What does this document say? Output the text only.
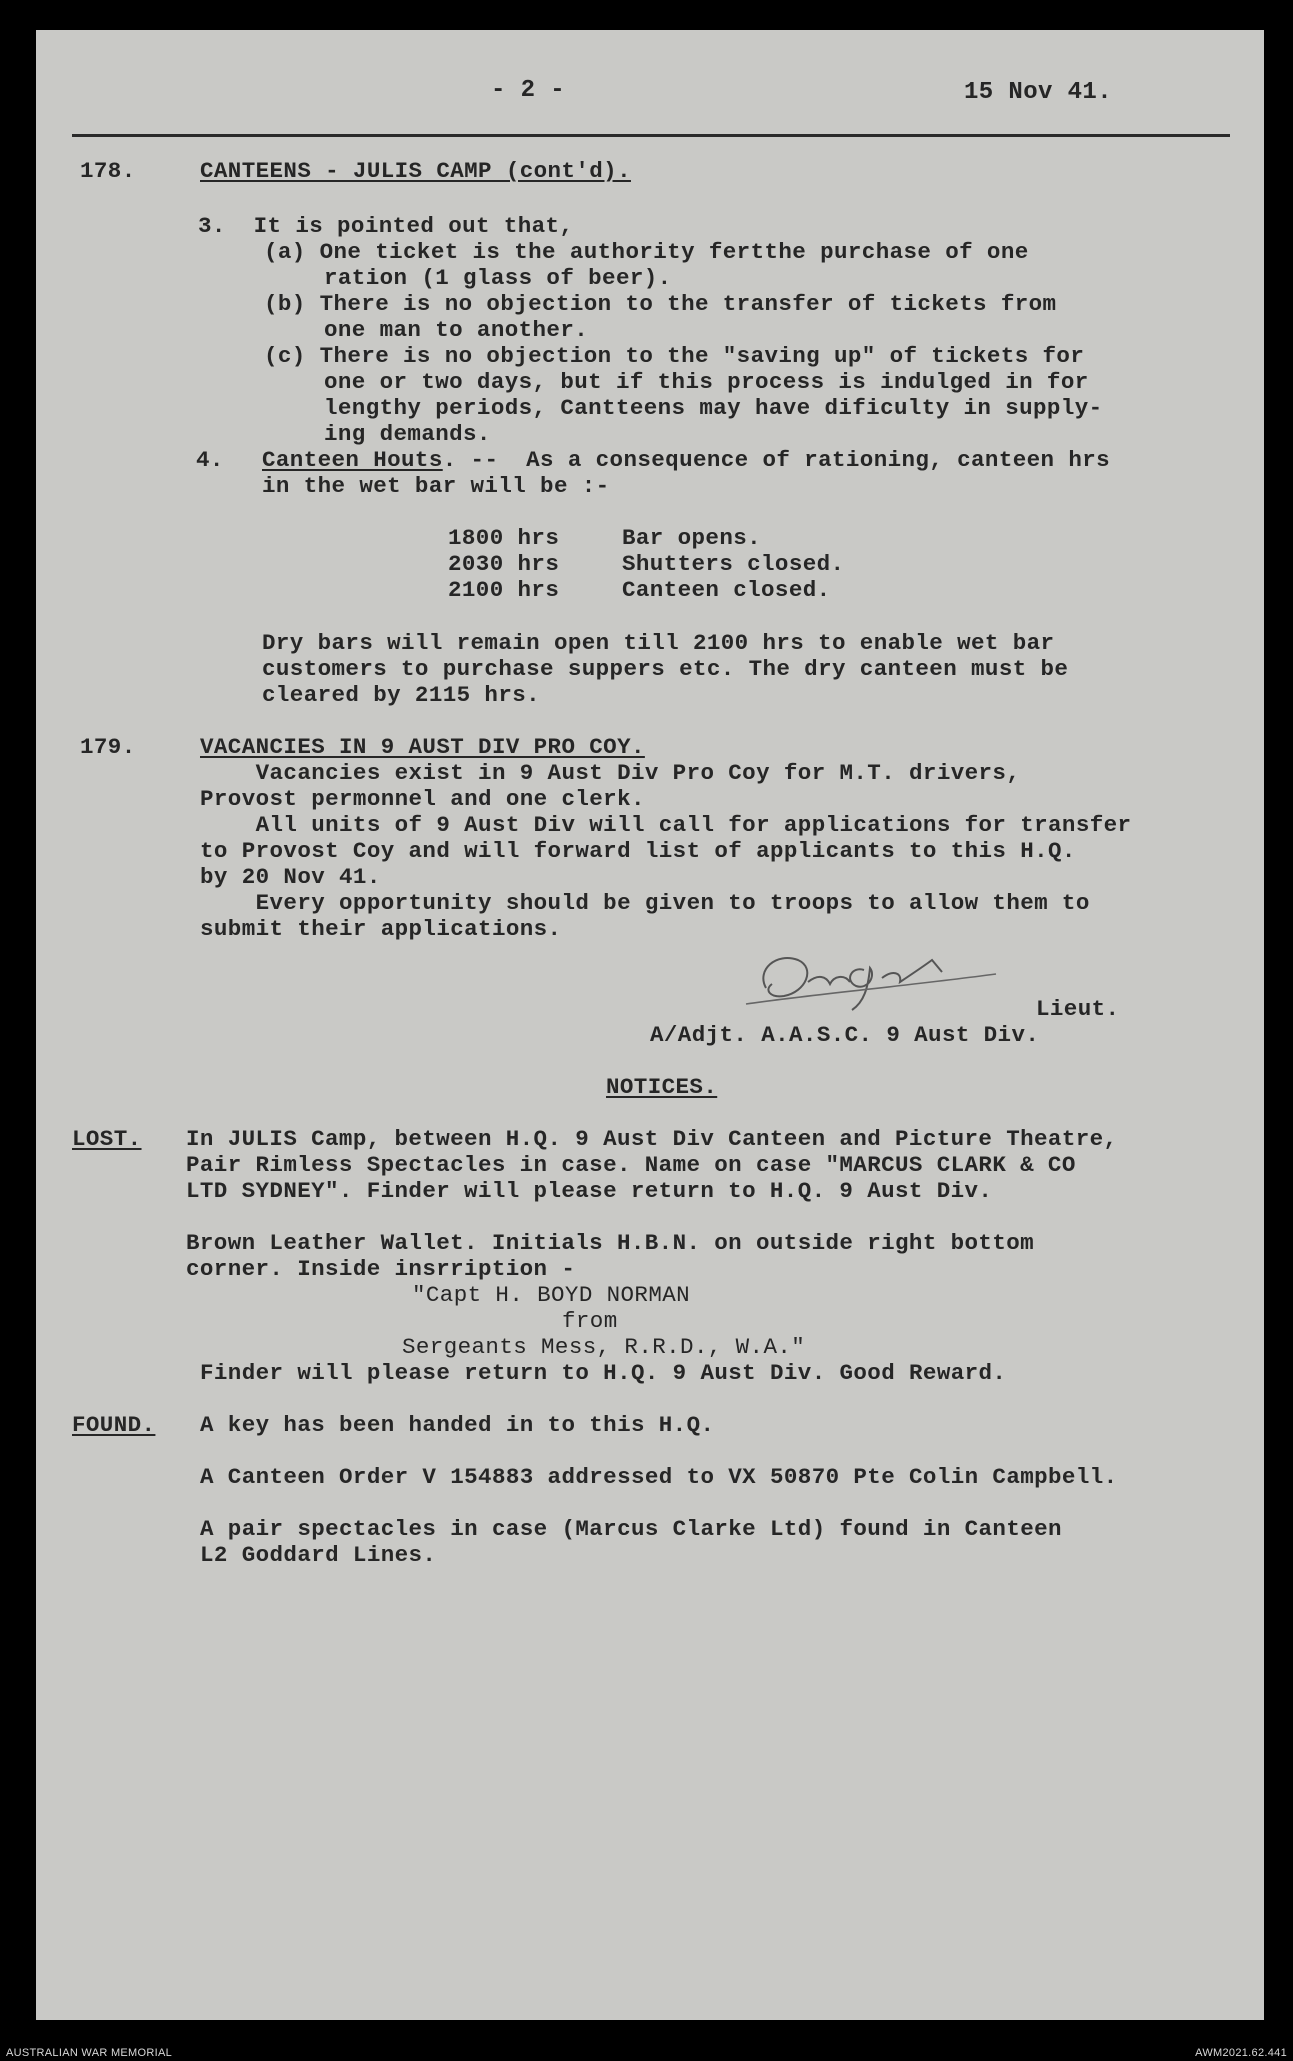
- 2 -	15 Nov 41.
178.	CANTEENS - JULIS CAMP (cont'd).
3.  It is pointed out that,
(a) One ticket is the authority fertthe purchase of one
ration (1 glass of beer).
(b) There is no objection to the transfer of tickets from
one man to another.
(c) There is no objection to the "saving up" of tickets for
one or two days, but if this process is indulged in for
lengthy periods, Cantteens may have dificulty in supply-
ing demands.
4. Canteen Houts. --  As a consequence of rationing, canteen hrs
in the wet bar will be :-
1800 hrs	Bar opens.
2030 hrs	Shutters closed.
2100 hrs	Canteen closed.
Dry bars will remain open till 2100 hrs to enable wet bar
customers to purchase suppers etc. The dry canteen must be
cleared by 2115 hrs.
179.	VACANCIES IN 9 AUST DIV PRO COY.
Vacancies exist in 9 Aust Div Pro Coy for M.T. drivers,
Provost permonnel and one clerk.
All units of 9 Aust Div will call for applications for transfer
to Provost Coy and will forward list of applicants to this H.Q.
by 20 Nov 41.
Every opportunity should be given to troops to allow them to
submit their applications.
Lieut.
A/Adjt. A.A.S.C. 9 Aust Div.
NOTICES.
LOST. In JULIS Camp, between H.Q. 9 Aust Div Canteen and Picture Theatre,
Pair Rimless Spectacles in case. Name on case "MARCUS CLARK & CO
LTD SYDNEY". Finder will please return to H.Q. 9 Aust Div.
Brown Leather Wallet. Initials H.B.N. on outside right bottom
corner. Inside insrription -
"Capt H. BOYD NORMAN
from
Sergeants Mess, R.R.D., W.A."
Finder will please return to H.Q. 9 Aust Div. Good Reward.
FOUND. A key has been handed in to this H.Q.
A Canteen Order V 154883 addressed to VX 50870 Pte Colin Campbell.
A pair spectacles in case (Marcus Clarke Ltd) found in Canteen
L2 Goddard Lines.
AUSTRALIAN WAR MEMORIAL	AWM2021.62.441
